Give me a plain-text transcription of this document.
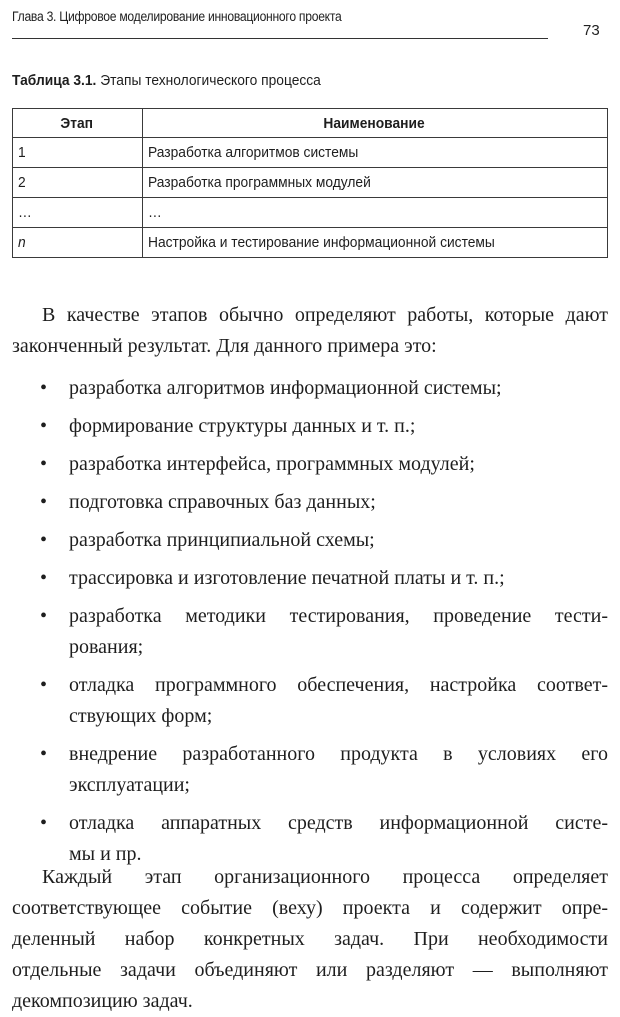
Глава 3. Цифровое моделирование инновационного проекта
73
Таблица 3.1. Этапы технологического процесса
Этап	Наименование
1	Разработка алгоритмов системы
2	Разработка программных модулей
…	…
n	Настройка и тестирование информационной системы

В качестве этапов обычно определяют работы, которые дают
законченный результат. Для данного примера это:

• разработка алгоритмов информационной системы;
• формирование структуры данных и т. п.;
• разработка интерфейса, программных модулей;
• подготовка справочных баз данных;
• разработка принципиальной схемы;
• трассировка и изготовление печатной платы и т. п.;
• разработка методики тестирования, проведение тести-
рования;
• отладка программного обеспечения, настройка соответ-
ствующих форм;
• внедрение разработанного продукта в условиях его
эксплуатации;
• отладка аппаратных средств информационной систе-
мы и пр.

Каждый этап организационного процесса определяет
соответствующее событие (веху) проекта и содержит опре-
деленный набор конкретных задач. При необходимости
отдельные задачи объединяют или разделяют — выполняют
декомпозицию задач.
